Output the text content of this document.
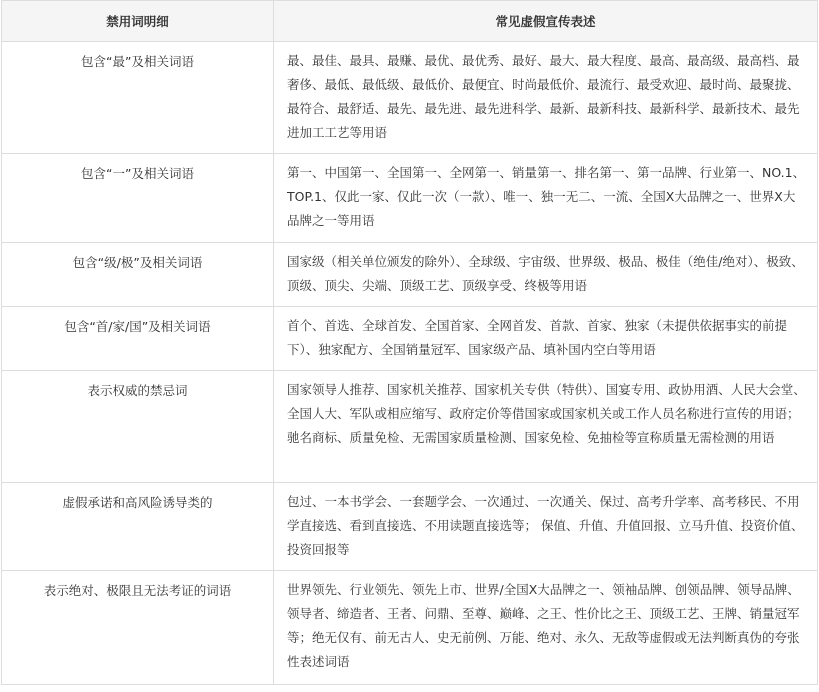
禁用词明细	常见虚假宣传表述
包含“最”及相关词语	最、最佳、最具、最赚、最优、最优秀、最好、最大、最大程度、最高、最高级、最高档、最奢侈、最低、最低级、最低价、最便宜、时尚最低价、最流行、最受欢迎、最时尚、最聚拢、最符合、最舒适、最先、最先进、最先进科学、最新、最新科技、最新科学、最新技术、最先进加工工艺等用语
包含“一”及相关词语	第一、中国第一、全国第一、全网第一、销量第一、排名第一、第一品牌、行业第一、NO.1、TOP.1、仅此一家、仅此一次（一款）、唯一、独一无二、一流、全国X大品牌之一、世界X大品牌之一等用语
包含“级/极”及相关词语	国家级（相关单位颁发的除外）、全球级、宇宙级、世界级、极品、极佳（绝佳/绝对）、极致、顶级、顶尖、尖端、顶级工艺、顶级享受、终极等用语
包含“首/家/国”及相关词语	首个、首选、全球首发、全国首家、全网首发、首款、首家、独家（未提供依据事实的前提下）、独家配方、全国销量冠军、国家级产品、填补国内空白等用语
表示权威的禁忌词	国家领导人推荐、国家机关推荐、国家机关专供（特供）、国宴专用、政协用酒、人民大会堂、全国人大、军队或相应缩写、政府定价等借国家或国家机关或工作人员名称进行宣传的用语；驰名商标、质量免检、无需国家质量检测、国家免检、免抽检等宣称质量无需检测的用语
虚假承诺和高风险诱导类的	包过、一本书学会、一套题学会、一次通过、一次通关、保过、高考升学率、高考移民、不用学直接选、看到直接选、不用读题直接选等； 保值、升值、升值回报、立马升值、投资价值、投资回报等
表示绝对、极限且无法考证的词语	世界领先、行业领先、领先上市、世界/全国X大品牌之一、领袖品牌、创领品牌、领导品牌、领导者、缔造者、王者、问鼎、至尊、巅峰、之王、性价比之王、顶级工艺、王牌、销量冠军等；绝无仅有、前无古人、史无前例、万能、绝对、永久、无敌等虚假或无法判断真伪的夸张性表述词语
